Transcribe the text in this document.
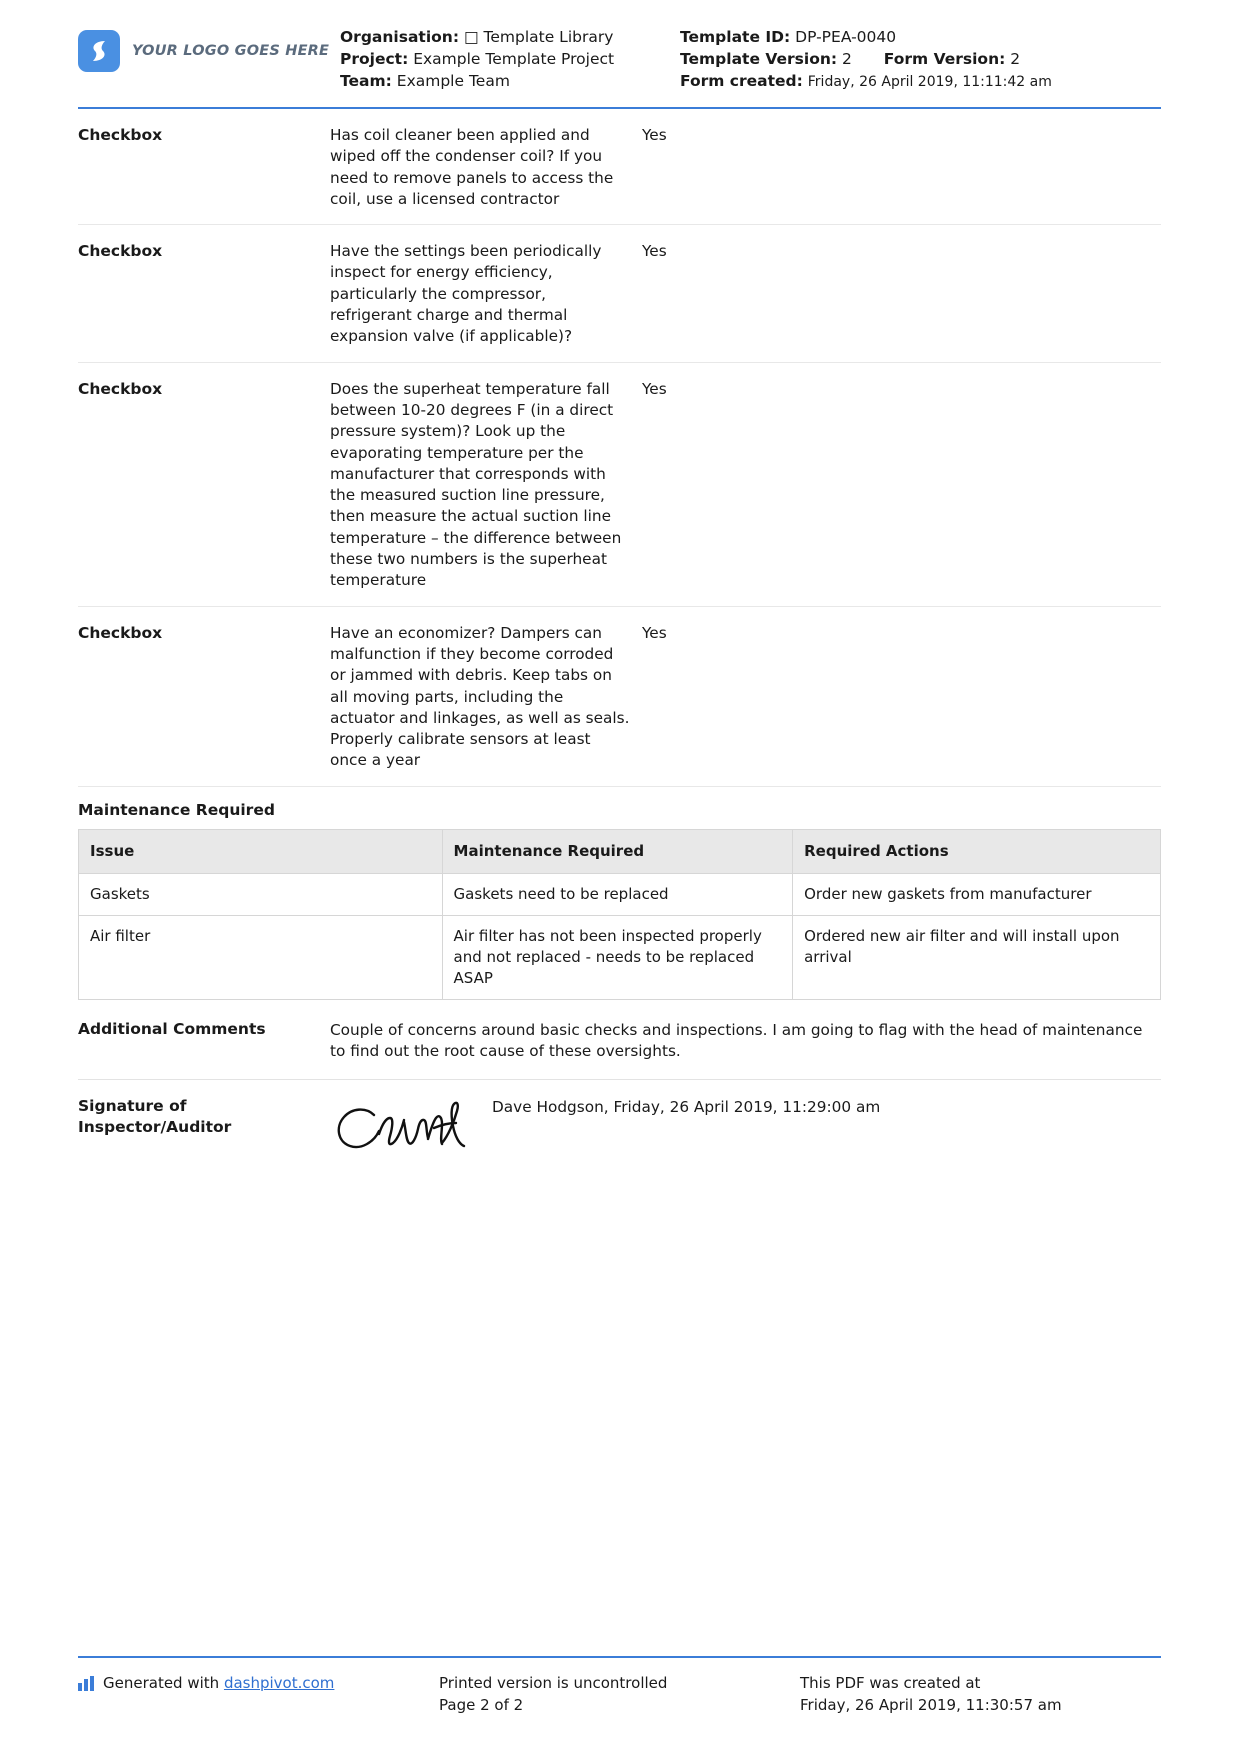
YOUR LOGO GOES HERE
Organisation: □ Template Library
Project: Example Template Project
Team: Example Team
Template ID: DP-PEA-0040
Template Version: 2 Form Version: 2
Form created: Friday, 26 April 2019, 11:11:42 am
Checkbox	Has coil cleaner been applied and wiped off the condenser coil? If you need to remove panels to access the coil, use a licensed contractor
Yes
Checkbox	Have the settings been periodically inspect for energy efficiency, particularly the compressor, refrigerant charge and thermal expansion valve (if applicable)?
Yes
Checkbox	Does the superheat temperature fall between 10-20 degrees F (in a direct pressure system)? Look up the evaporating temperature per the manufacturer that corresponds with the measured suction line pressure, then measure the actual suction line temperature – the difference between these two numbers is the superheat temperature
Yes
Checkbox	Have an economizer? Dampers can malfunction if they become corroded or jammed with debris. Keep tabs on all moving parts, including the actuator and linkages, as well as seals. Properly calibrate sensors at least once a year
Yes
Maintenance Required
Issue	Maintenance Required	Required Actions
Gaskets	Gaskets need to be replaced	Order new gaskets from manufacturer
Air filter	Air filter has not been inspected properly and not replaced - needs to be replaced ASAP	Ordered new air filter and will install upon arrival
Additional Comments	Couple of concerns around basic checks and inspections. I am going to flag with the head of maintenance to find out the root cause of these oversights.
Signature of Inspector/Auditor
Dave Hodgson, Friday, 26 April 2019, 11:29:00 am
Generated with dashpivot.com	Printed version is uncontrolled
Page 2 of 2
This PDF was created at
Friday, 26 April 2019, 11:30:57 am
